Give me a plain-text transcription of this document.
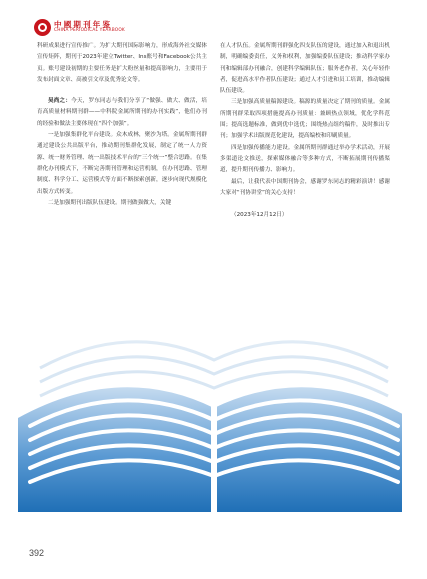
中國期刊年鉴
CHINA PERIODICAL YEARBOOK

科研成果进行宣传推广。为扩大期刊国际影响力，形成海外社交媒体宣传矩阵，期刊于2023年建立Twitter、Ins账号和Facebook公共主页。账号建设初期的主要任务是扩大粉丝量和提高影响力，主要用于发布封面文章、高被引文章及优秀论文等。

吴尚之：今天，罗东同志与我们分享了“做强、做大、做活，培育高质量材料期刊群——中科院金属所期刊的办刊实践”，他们办刊的经验和做法主要体现在“四个加强”。

一是加强集群化平台建设。众木成林，聚沙为塔。金属所期刊群通过建设公共出版平台，推动期刊集群化发展，制定了统一人力资源、统一财务管理、统一出版技术平台的“三个统一”整合思路。在集群化办刊模式下，不断完善期刊管理和运营机制，在办刊思路、管理制度、科学分工、运营模式等方面不断探索创新，逐步向现代规模化出版方式转变。

二是加强期刊出版队伍建设。期刊做强做大，关键

在人才队伍。金属所期刊群强化四支队伍的建设，通过加入和退出机制，明确编委责任，义务和权利，加强编委队伍建设；推动科学家办刊和编辑部办刊融合，创建科学编辑队伍；服务老作者，关心年轻作者，促进高水平作者队伍建设；通过人才引进和员工培训，推动编辑队伍建设。

三是加强高质量稿源建设。稿源的质量决定了期刊的质量。金属所期刊群采取四项措施提高办刊质量：兼顾热点领域，优化学科范围；提高选题标准，做到优中选优；围绕热点组约稿件，及时推出专刊；加强学术出版规范化建设，提高编校和印刷质量。

四是加强传播能力建设。金属所期刊群通过举办学术活动，开展多渠道论文推送，探索媒体融合等多种方式，不断拓展期刊传播渠道，提升期刊传播力、影响力。

最后，让我代表中国期刊协会，感谢罗东同志的精彩演讲！感谢大家对“刊协讲堂”的关心支持！

（2023年12月12日）

392
